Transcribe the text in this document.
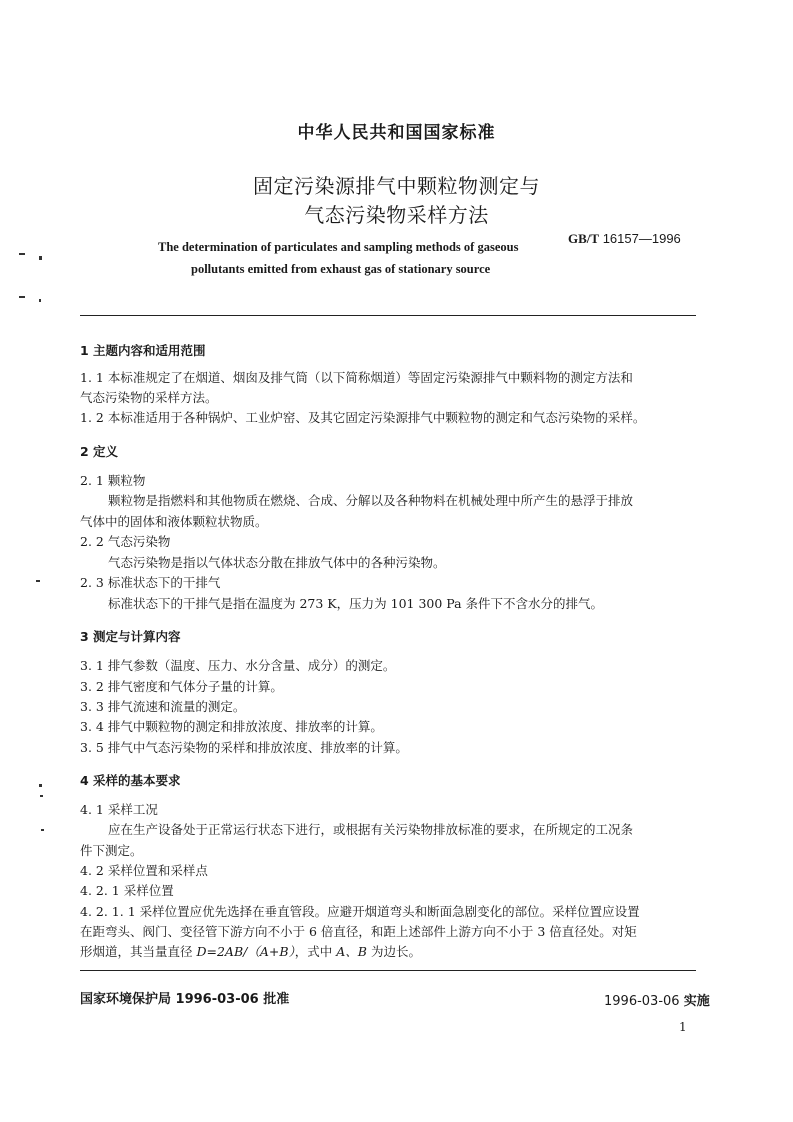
中华人民共和国国家标准
固定污染源排气中颗粒物测定与
气态污染物采样方法
The determination of particulates and sampling methods of gaseous
pollutants emitted from exhaust gas of stationary source
GB/T 16157—1996
1 主题内容和适用范围
1. 1 本标准规定了在烟道、烟囱及排气筒（以下简称烟道）等固定污染源排气中颗料物的测定方法和
气态污染物的采样方法。
1. 2 本标准适用于各种锅炉、工业炉窑、及其它固定污染源排气中颗粒物的测定和气态污染物的采样。
2 定义
2. 1 颗粒物
颗粒物是指燃料和其他物质在燃烧、合成、分解以及各种物料在机械处理中所产生的悬浮于排放
气体中的固体和液体颗粒状物质。
2. 2 气态污染物
气态污染物是指以气体状态分散在排放气体中的各种污染物。
2. 3 标准状态下的干排气
标准状态下的干排气是指在温度为 273 K，压力为 101 300 Pa 条件下不含水分的排气。
3 测定与计算内容
3. 1 排气参数（温度、压力、水分含量、成分）的测定。
3. 2 排气密度和气体分子量的计算。
3. 3 排气流速和流量的测定。
3. 4 排气中颗粒物的测定和排放浓度、排放率的计算。
3. 5 排气中气态污染物的采样和排放浓度、排放率的计算。
4 采样的基本要求
4. 1 采样工况
应在生产设备处于正常运行状态下进行，或根据有关污染物排放标准的要求，在所规定的工况条
件下测定。
4. 2 采样位置和采样点
4. 2. 1 采样位置
4. 2. 1. 1 采样位置应优先选择在垂直管段。应避开烟道弯头和断面急剧变化的部位。采样位置应设置
在距弯头、阀门、变径管下游方向不小于 6 倍直径，和距上述部件上游方向不小于 3 倍直径处。对矩
形烟道，其当量直径 D=2AB/（A+B），式中 A、B 为边长。
国家环境保护局 1996-03-06 批准	1996-03-06 实施
1
